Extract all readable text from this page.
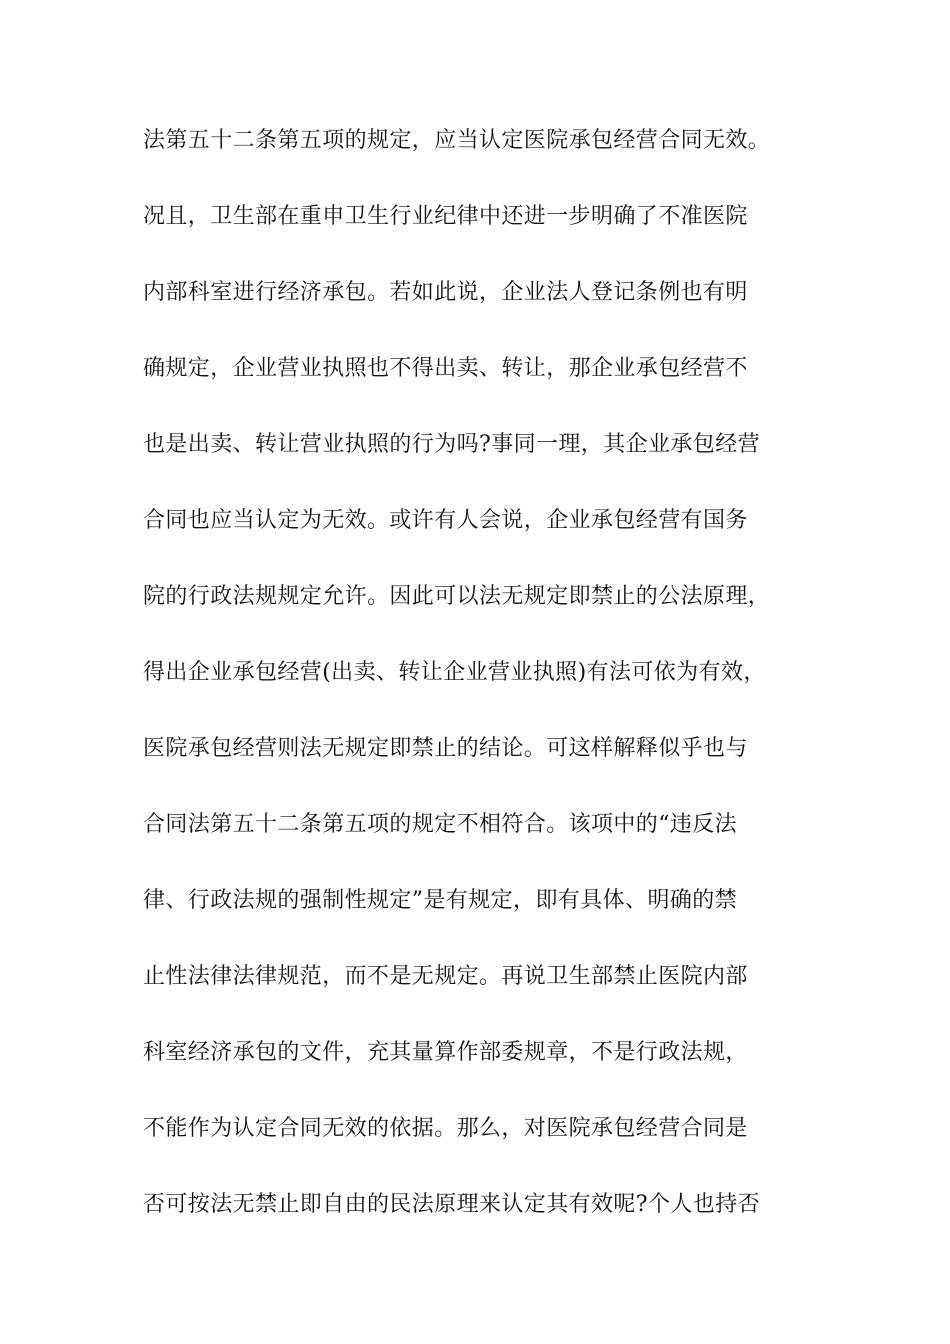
法第五十二条第五项的规定，应当认定医院承包经营合同无效。

况且，卫生部在重申卫生行业纪律中还进一步明确了不准医院

内部科室进行经济承包。若如此说，企业法人登记条例也有明

确规定，企业营业执照也不得出卖、转让，那企业承包经营不

也是出卖、转让营业执照的行为吗?事同一理，其企业承包经营

合同也应当认定为无效。或许有人会说，企业承包经营有国务

院的行政法规规定允许。因此可以法无规定即禁止的公法原理，

得出企业承包经营(出卖、转让企业营业执照)有法可依为有效，

医院承包经营则法无规定即禁止的结论。可这样解释似乎也与

合同法第五十二条第五项的规定不相符合。该项中的“违反法

律、行政法规的强制性规定”是有规定，即有具体、明确的禁

止性法律法律规范，而不是无规定。再说卫生部禁止医院内部

科室经济承包的文件，充其量算作部委规章，不是行政法规，

不能作为认定合同无效的依据。那么，对医院承包经营合同是

否可按法无禁止即自由的民法原理来认定其有效呢?个人也持否
